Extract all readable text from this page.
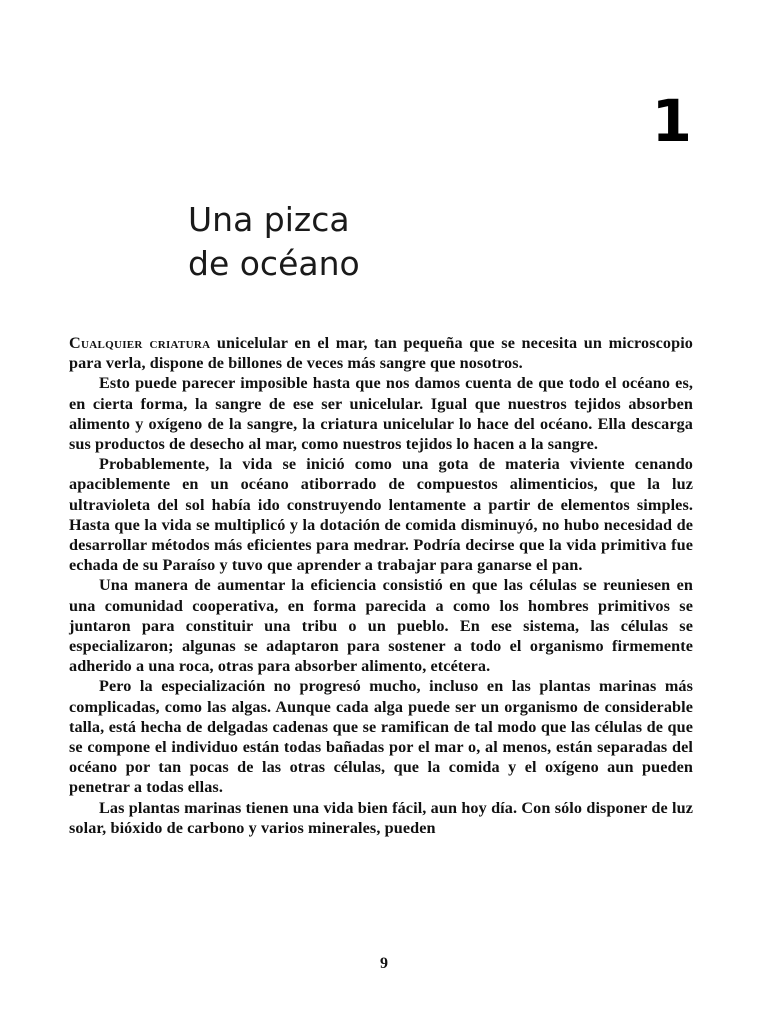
1
Una pizca
de océano

Cualquier criatura unicelular en el mar, tan pequeña que se necesita un microscopio para verla, dispone de billones de veces más sangre que nosotros.

Esto puede parecer imposible hasta que nos damos cuenta de que todo el océano es, en cierta forma, la sangre de ese ser unicelular. Igual que nuestros tejidos absorben alimento y oxígeno de la sangre, la criatura unicelular lo hace del océano. Ella descarga sus productos de desecho al mar, como nuestros tejidos lo hacen a la sangre.

Probablemente, la vida se inició como una gota de materia viviente cenando apaciblemente en un océano atiborrado de compuestos alimenticios, que la luz ultravioleta del sol había ido construyendo lentamente a partir de elementos simples. Hasta que la vida se multiplicó y la dotación de comida disminuyó, no hubo necesidad de desarrollar métodos más eficientes para medrar. Podría decirse que la vida primitiva fue echada de su Paraíso y tuvo que aprender a trabajar para ganarse el pan.

Una manera de aumentar la eficiencia consistió en que las células se reuniesen en una comunidad cooperativa, en forma parecida a como los hombres primitivos se juntaron para constituir una tribu o un pueblo. En ese sistema, las células se especializaron; algunas se adaptaron para sostener a todo el organismo firmemente adherido a una roca, otras para absorber alimento, etcétera.

Pero la especialización no progresó mucho, incluso en las plantas marinas más complicadas, como las algas. Aunque cada alga puede ser un organismo de considerable talla, está hecha de delgadas cadenas que se ramifican de tal modo que las células de que se compone el individuo están todas bañadas por el mar o, al menos, están separadas del océano por tan pocas de las otras células, que la comida y el oxígeno aun pueden penetrar a todas ellas.

Las plantas marinas tienen una vida bien fácil, aun hoy día. Con sólo disponer de luz solar, bióxido de carbono y varios minerales, pueden

9
